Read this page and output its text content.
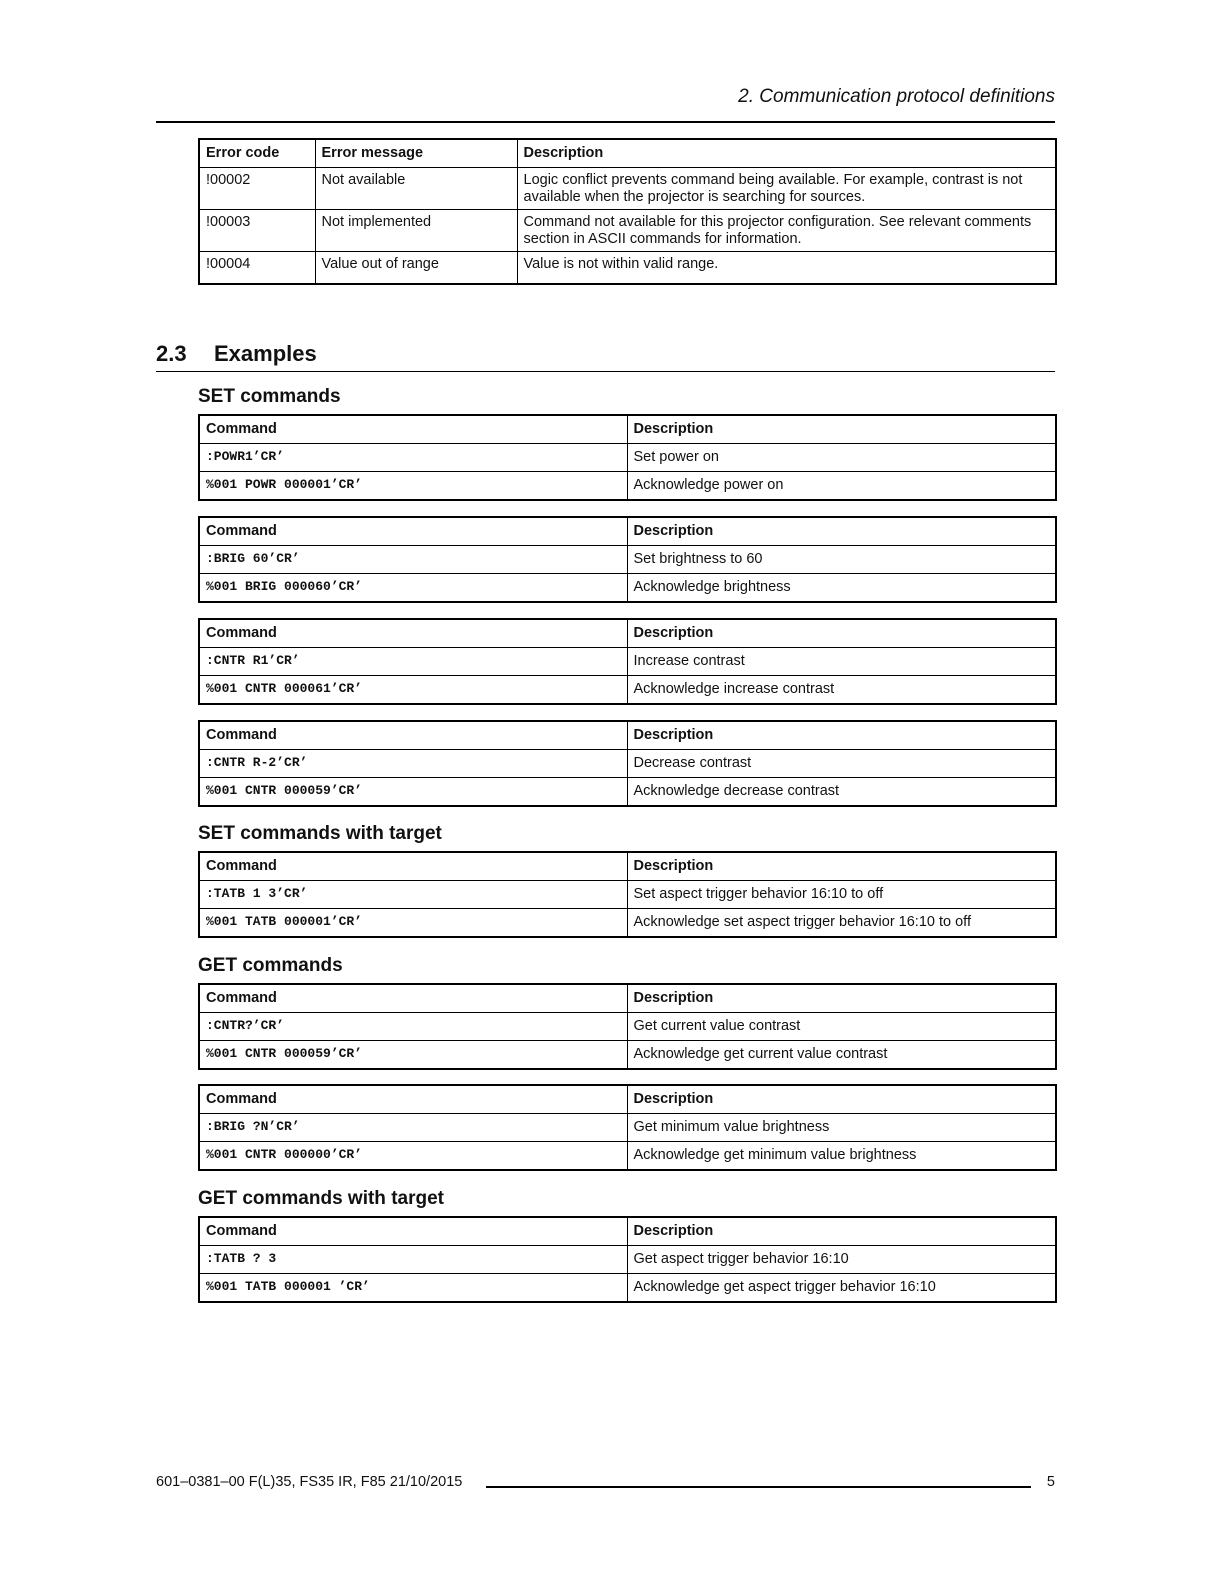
2. Communication protocol definitions
Error code	Error message	Description
!00002	Not available	Logic conflict prevents command being available. For example, contrast is not available when the projector is searching for sources.
!00003	Not implemented	Command not available for this projector configuration. See relevant comments section in ASCII commands for information.
!00004	Value out of range	Value is not within valid range.
2.3 Examples
SET commands
Command	Description
:POWR1’CR’	Set power on
%001 POWR 000001’CR’	Acknowledge power on
Command	Description
:BRIG 60’CR’	Set brightness to 60
%001 BRIG 000060’CR’	Acknowledge brightness
Command	Description
:CNTR R1’CR’	Increase contrast
%001 CNTR 000061’CR’	Acknowledge increase contrast
Command	Description
:CNTR R-2’CR’	Decrease contrast
%001 CNTR 000059’CR’	Acknowledge decrease contrast
SET commands with target
Command	Description
:TATB 1 3’CR’	Set aspect trigger behavior 16:10 to off
%001 TATB 000001’CR’	Acknowledge set aspect trigger behavior 16:10 to off
GET commands
Command	Description
:CNTR?’CR’	Get current value contrast
%001 CNTR 000059’CR’	Acknowledge get current value contrast
Command	Description
:BRIG ?N’CR’	Get minimum value brightness
%001 CNTR 000000’CR’	Acknowledge get minimum value brightness
GET commands with target
Command	Description
:TATB ? 3	Get aspect trigger behavior 16:10
%001 TATB 000001 ’CR’	Acknowledge get aspect trigger behavior 16:10
601–0381–00 F(L)35, FS35 IR, F85 21/10/2015	5
